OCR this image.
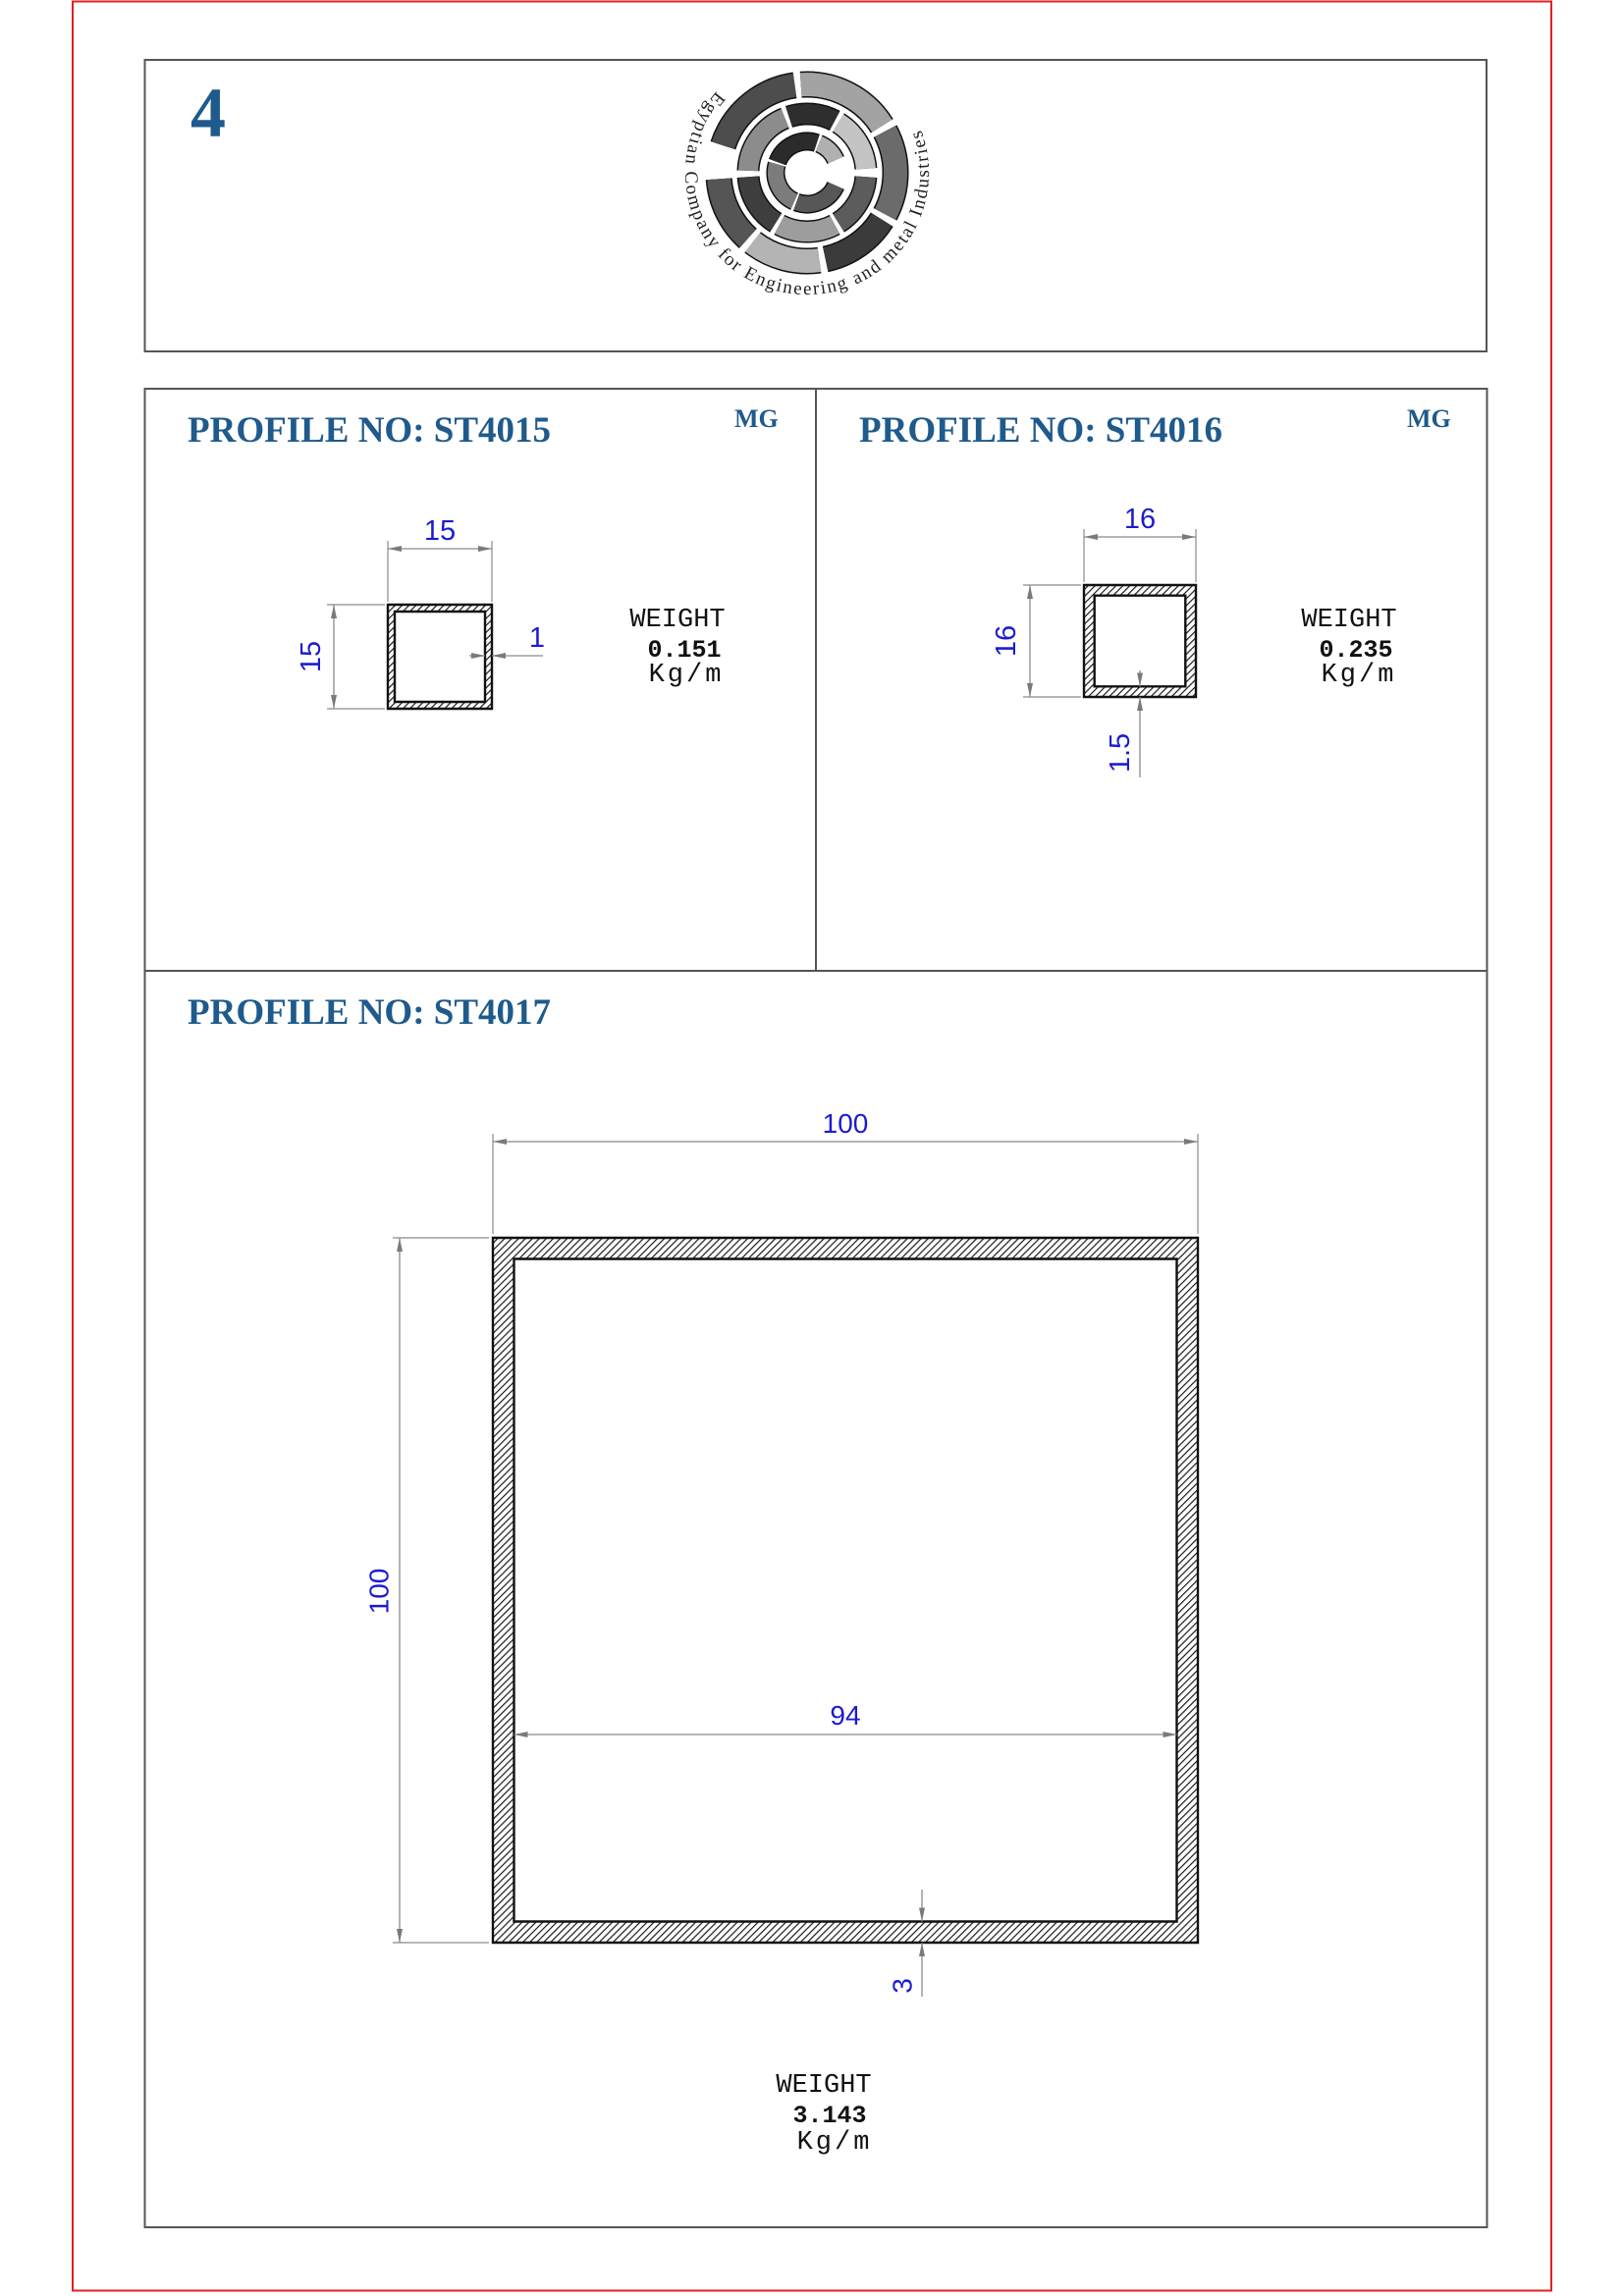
4	Egyptian Company for Engineering and metal Industries
PROFILE NO: ST4015	MG
15
15
1
WEIGHT
0.151
Kg/m
PROFILE NO: ST4016	MG
16
16
1.5
WEIGHT
0.235
Kg/m
PROFILE NO: ST4017
100
100
94
3
WEIGHT
3.143
Kg/m
